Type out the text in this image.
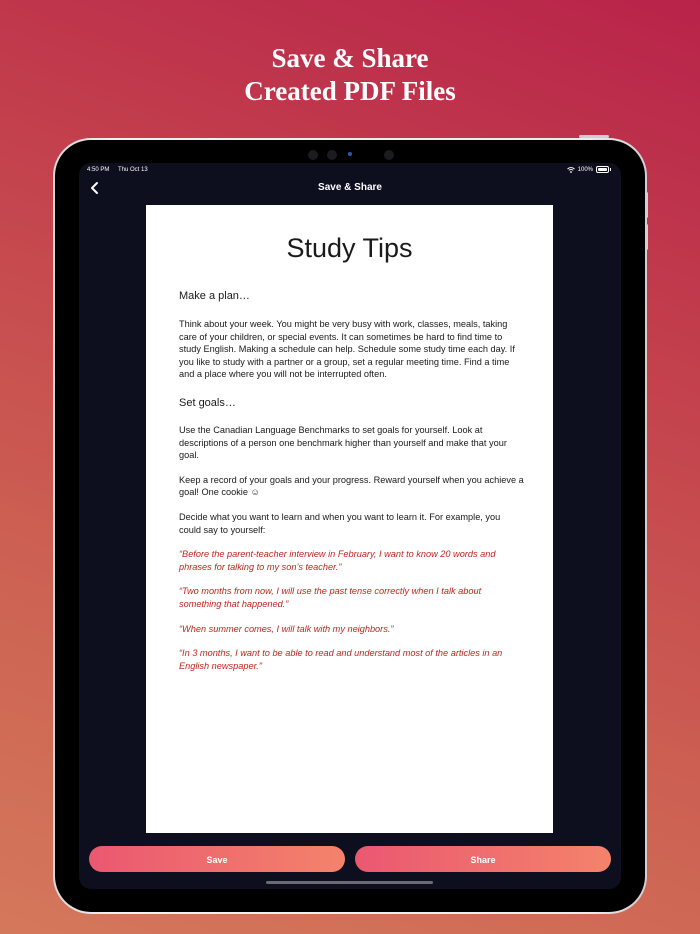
Save & Share
Created PDF Files
4:50 PM Thu Oct 13	100%
Save & Share
Study Tips

Make a plan…

Think about your week. You might be very busy with work, classes, meals, taking care of your children, or special events. It can sometimes be hard to find time to study English. Making a schedule can help. Schedule some study time each day. If you like to study with a partner or a group, set a regular meeting time. Find a time and a place where you will not be interrupted often.

Set goals…

Use the Canadian Language Benchmarks to set goals for yourself. Look at descriptions of a person one benchmark higher than yourself and make that your goal.

Keep a record of your goals and your progress. Reward yourself when you achieve a goal! One cookie ☺

Decide what you want to learn and when you want to learn it. For example, you could say to yourself:

“Before the parent-teacher interview in February, I want to know 20 words and phrases for talking to my son’s teacher.”

“Two months from now, I will use the past tense correctly when I talk about something that happened.”

“When summer comes, I will talk with my neighbors.”

“In 3 months, I want to be able to read and understand most of the articles in an English newspaper.”

Save	Share
